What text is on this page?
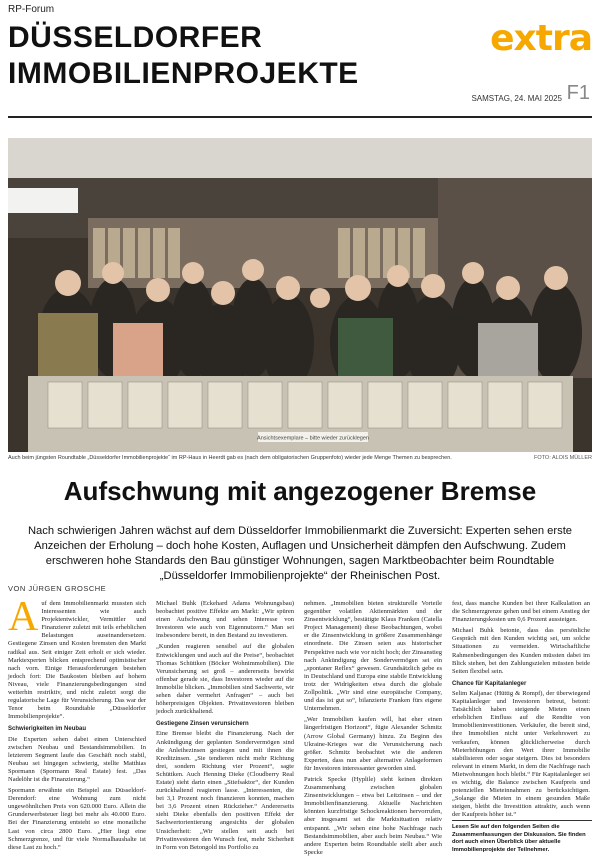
RP-Forum
DÜSSELDORFER
IMMOBILIENPROJEKTE
extra
SAMSTAG, 24. MAI 2025 F1
Ansichtsexemplare – bitte wieder zurücklegen
Auch beim jüngsten Roundtable „Düsseldorfer Immobilienprojekte“ im RP-Haus in Heerdt gab es (nach dem obligatorischen Gruppenfoto) wieder jede Menge Themen zu besprechen.	FOTO: ALOIS MÜLLER
Aufschwung mit angezogener Bremse

Nach schwierigen Jahren wächst auf dem Düsseldorfer Immobilienmarkt die Zuversicht: Experten sehen erste Anzeichen der Erholung – doch hohe Kosten, Auflagen und Unsicherheit dämpfen den Aufschwung. Zudem erschweren hohe Standards den Bau günstiger Wohnungen, sagen Marktbeobachter beim Roundtable „Düsseldorfer Immobilienprojekte“ der Rheinischen Post.

VON JÜRGEN GROSCHE

Auf dem Immobilienmarkt mussten sich Interessenten wie auch Projektentwickler, Vermittler und Finanzierer zuletzt mit teils erheblichen Belastungen auseinandersetzen. Gestiegene Zinsen und Kosten bremsten den Markt radikal aus. Seit einiger Zeit erholt er sich wieder. Marktexperten blicken entsprechend optimistischer nach vorn. Einige Herausforderungen bestehen jedoch fort: Die Baukosten bleiben auf hohem Niveau, viele Finanzierungsbedingungen sind weiterhin restriktiv, und nicht zuletzt sorgt die regulatorische Lage für Verunsicherung. Das war der Tenor beim Roundtable „Düsseldorfer Immobilienprojekte“.

Schwierigkeiten im Neubau

Die Experten sehen dabei einen Unterschied zwischen Neubau und Bestandsimmobilien. In letzterem Segment laufe das Geschäft noch stabil, Neubau sei hingegen schwierig, stellte Matthias Spormann (Spormann Real Estate) fest. „Das Nadelöhr ist die Finanzierung.“

Spormann erwähnte ein Beispiel aus Düsseldorf-Derendorf: eine Wohnung zum nicht ungewöhnlichen Preis von 620.000 Euro. Allein die Grunderwerbsteuer liegt bei mehr als 40.000 Euro. Bei der Finanzierung entsteht so eine monatliche Last von circa 2800 Euro. „Hier liegt eine Schmerzgrenze, und für viele Normalhaushalte ist diese Last zu hoch.“

Michael Buhk (Eckehard Adams Wohnungsbau) beobachtet positive Effekte am Markt: „Wir spüren einen Aufschwung und sehen Interesse von Investoren wie auch von Eigennutzern.“ Man sei insbesondere bereit, in den Bestand zu investieren.

„Kunden reagieren sensibel auf die globalen Entwicklungen und auch auf die Preise“, beobachtet Thomas Schüttken (Böcker Wohnimmobilien). Die Verunsicherung sei groß – andererseits bewirkt offenbar gerade sie, dass Investoren wieder auf die Immobilie blicken. „Immobilien sind Sachwerte, wir sehen daher vermehrt Anfragen“ – auch bei höherpreisigen Objekten. Privatinvestoren bleiben jedoch zurückhaltend.

Gestiegene Zinsen verunsichern

Eine Bremse bleibt die Finanzierung. Nach der Ankündigung der geplanten Sondervermögen sind die Anleihezinsen gestiegen und mit ihnen die Kreditzinsen. „Sie tendieren nicht mehr Richtung drei, sondern Richtung vier Prozent“, sagte Schüttken. Auch Henning Dieke (Cloudberry Real Estate) sieht darin einen „Stiefsaktor“, der Kunden zurückhaltend reagieren lasse. „Interessenten, die bei 3,1 Prozent noch finanzieren konnten, machen bei 3,6 Prozent einen Rückzieher.“ Andererseits sieht Dieke ebenfalls den positiven Effekt der Sachwertorientierung angesichts der globalen Unsicherheit: „Wir stellen seit auch bei Privatinvestoren den Wunsch fest, mehr Sicherheit in Form von Betongold ins Portfolio zu

nehmen. „Immobilien bieten strukturelle Vorteile gegenüber volatilen Aktienmärkten und der Zinsentwicklung“, bestätigte Klaus Franken (Catella Project Management) diese Beobachtungen, wobei er die Zinsentwicklung in größere Zusammenhänge einordnete. Die Zinsen seien aus historischer Perspektive nach wie vor nicht hoch; der Zinsanstieg nach Ankündigung der Sondervermögen sei ein „spontaner Reflex“ gewesen. Grundsätzlich gebe es in Deutschland und Europa eine stabile Entwicklung trotz der Widrigkeiten etwa durch die globale Zollpolitik. „Wir sind eine europäische Company, und das ist gut so“, bilanzierte Franken fürs eigene Unternehmen.

„Wer Immobilien kaufen will, hat eher einen längerfristigen Horizont“, fügte Alexander Schmitz (Arrow Global Germany) hinzu. Zu Beginn des Ukraine-Krieges war die Verunsicherung nach größer. Schmitz beobachtet wie die anderen Experten, dass nun aber alternative Anlageformen für Investoren interessanter geworden sind.

Patrick Specke (Hyplile) sieht keinen direkten Zusammenhang zwischen globalen Zinsentwicklungen – etwa bei Leitzinsen – und der Immobilienfinanzierung. Aktuelle Nachrichten könnten kurzfristige Schockreaktionen hervorrufen, aber insgesamt sei die Marktsituation relativ entspannt. „Wir sehen eine hohe Nachfrage nach Bestandsimmobilien, aber auch beim Neubau.“ Wie andere Experten beim Roundtable stellt aber auch Specke

fest, dass manche Kunden bei ihrer Kalkulation an die Schmerzgrenze gehen und bei einem Anstieg der Finanzierungskosten um 0,6 Prozent aussteigen.

Michael Buhk betonte, dass das persönliche Gespräch mit den Kunden wichtig sei, um solche Situationen zu vermeiden. Wirtschaftliche Rahmenbedingungen des Kunden müssten dabei im Blick stehen, bei den Zahlungszielen müssten beide Seiten flexibel sein.

Chance für Kapitalanleger

Selim Kaljanac (Hüttig & Rompf), der überwiegend Kapitalanleger und Investoren betreut, betont: Tatsächlich haben steigende Mieten einen erheblichen Einfluss auf die Rendite von Immobilieninvestitionen. Verkäufer, die bereit sind, ihre Immobilien nicht unter Verkehrswert zu verkaufen, können glücklicherweise durch Mieterhöhungen den Wert ihrer Immobilie stabilisieren oder sogar steigern. Dies ist besonders relevant in einem Markt, in dem die Nachfrage nach Mietwohnungen hoch bleibt.“ Für Kapitalanleger sei es wichtig, die Balance zwischen Kaufpreis und potenziellen Mieteinnahmen zu berücksichtigen. „Solange die Mieten in einem gesunden Maße steigen, bleibt die Investition attraktiv, auch wenn der Kaufpreis höher ist.“

Lesen Sie auf den folgenden Seiten die Zusammenfassungen der Diskussion. Sie finden dort auch einen Überblick über aktuelle Immobilienprojekte der Teilnehmer.
